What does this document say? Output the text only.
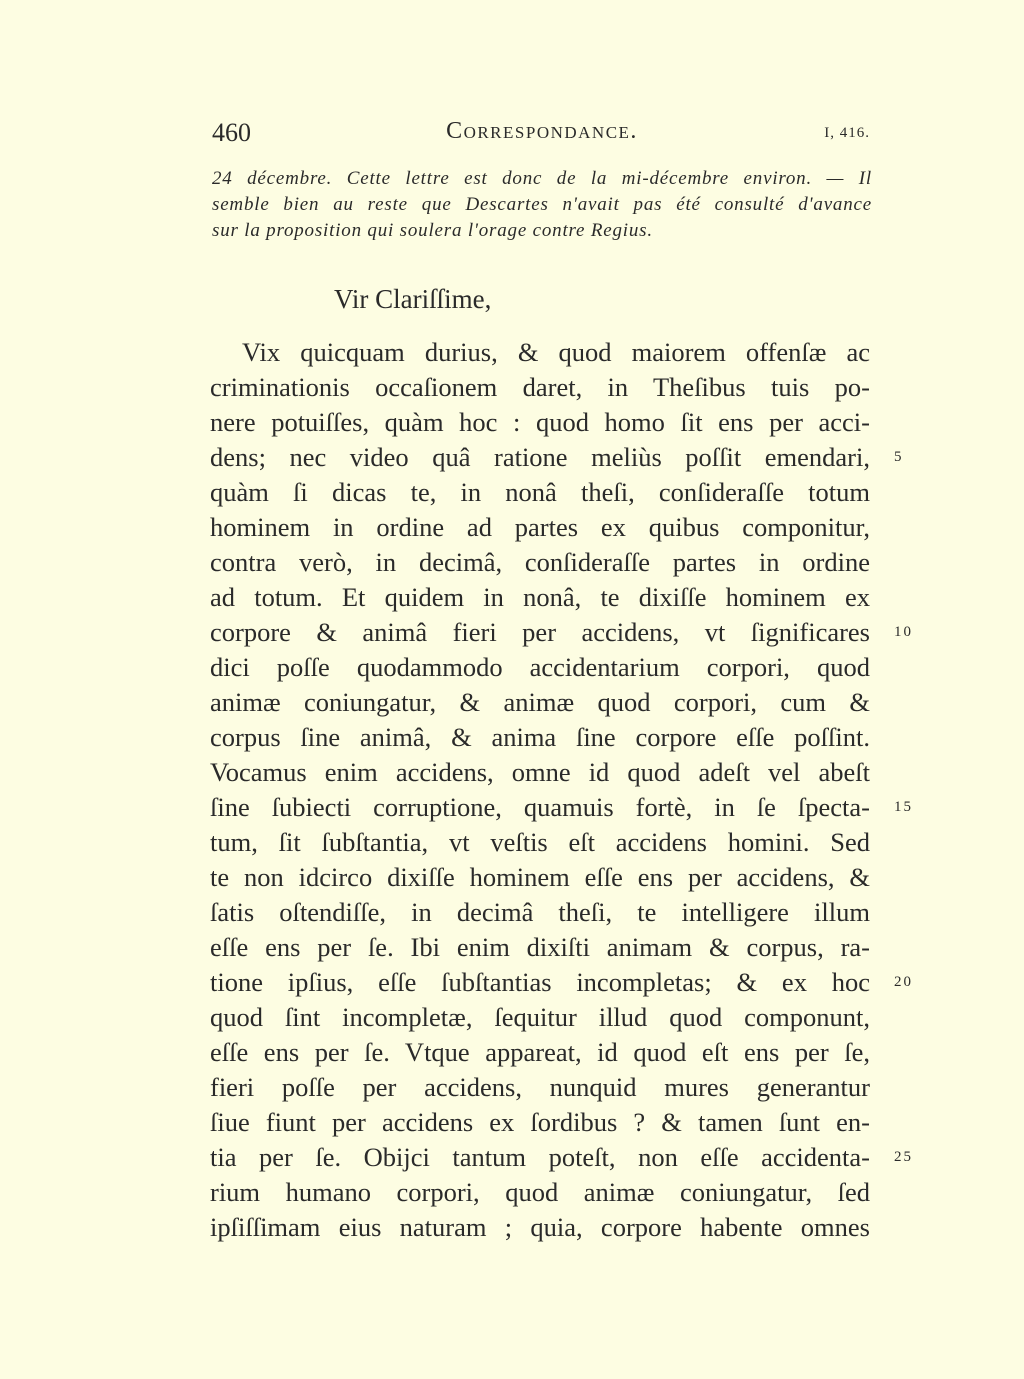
460	Correspondance.	I, 416.

24 décembre. Cette lettre est donc de la mi-décembre environ. — Il
semble bien au reste que Descartes n'avait pas été consulté d'avance
sur la proposition qui soulera l'orage contre Regius.

Vir Clariſſime,

Vix quicquam durius, & quod maiorem offenſæ ac
criminationis occaſionem daret, in Theſibus tuis po-
nere potuiſſes, quàm hoc : quod homo ſit ens per acci-
dens; nec video quâ ratione meliùs poſſit emendari, 5
quàm ſi dicas te, in nonâ theſi, conſideraſſe totum
hominem in ordine ad partes ex quibus componitur,
contra verò, in decimâ, conſideraſſe partes in ordine
ad totum. Et quidem in nonâ, te dixiſſe hominem ex
corpore & animâ fieri per accidens, vt ſignificares 10
dici poſſe quodammodo accidentarium corpori, quod
animæ coniungatur, & animæ quod corpori, cum &
corpus ſine animâ, & anima ſine corpore eſſe poſſint.
Vocamus enim accidens, omne id quod adeſt vel abeſt
ſine ſubiecti corruptione, quamuis fortè, in ſe ſpecta- 15
tum, ſit ſubſtantia, vt veſtis eſt accidens homini. Sed
te non idcirco dixiſſe hominem eſſe ens per accidens, &
ſatis oſtendiſſe, in decimâ theſi, te intelligere illum
eſſe ens per ſe. Ibi enim dixiſti animam & corpus, ra-
tione ipſius, eſſe ſubſtantias incompletas; & ex hoc 20
quod ſint incompletæ, ſequitur illud quod componunt,
eſſe ens per ſe. Vtque appareat, id quod eſt ens per ſe,
fieri poſſe per accidens, nunquid mures generantur
ſiue fiunt per accidens ex ſordibus ? & tamen ſunt en-
tia per ſe. Obijci tantum poteſt, non eſſe accidenta- 25
rium humano corpori, quod animæ coniungatur, ſed
ipſiſſimam eius naturam ; quia, corpore habente omnes
